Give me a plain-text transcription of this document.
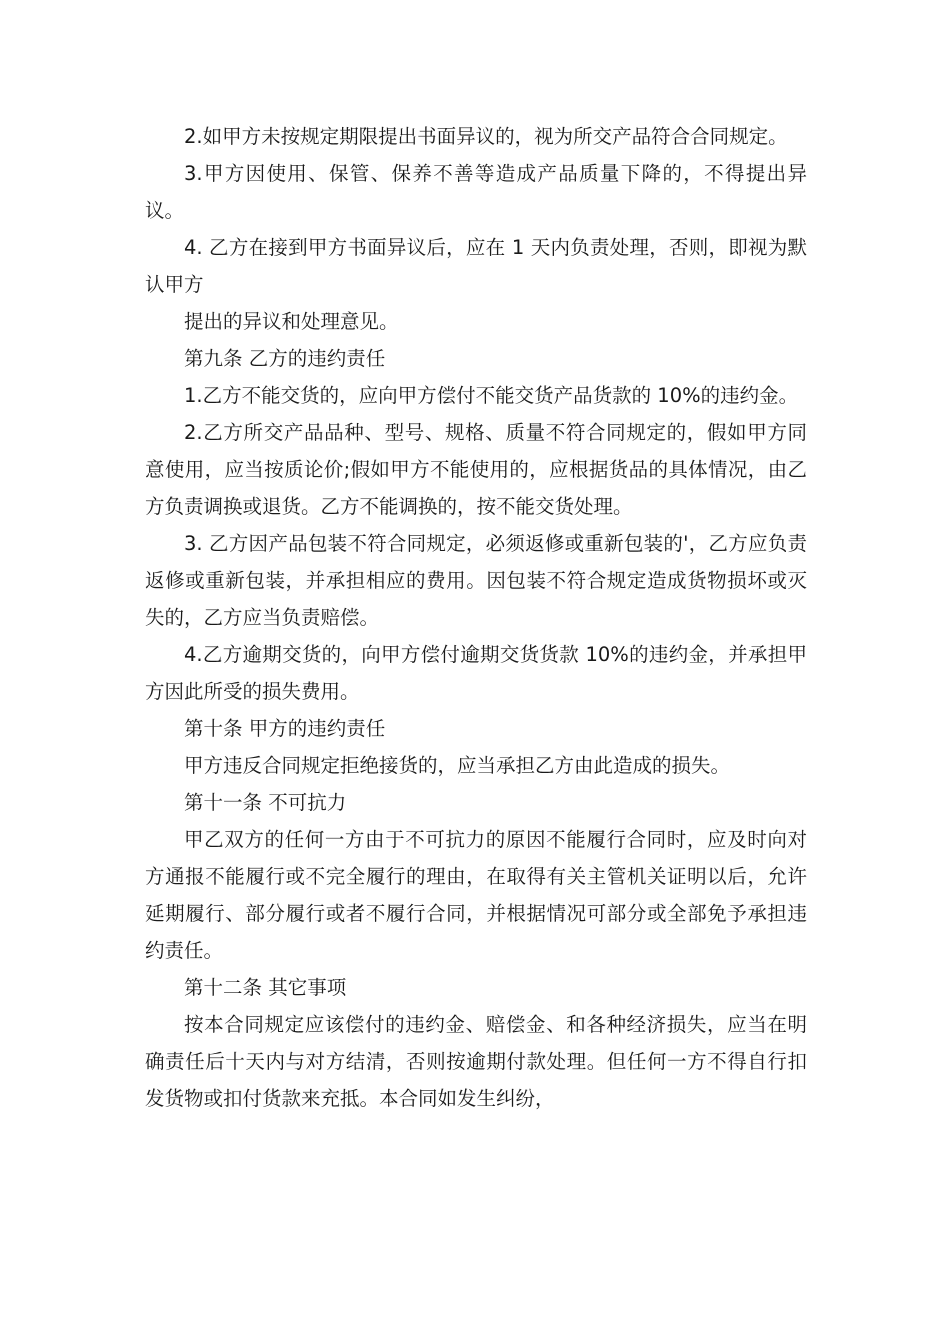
2.如甲方未按规定期限提出书面异议的，视为所交产品符合合同规定。

3.甲方因使用、保管、保养不善等造成产品质量下降的，不得提出异议。

4. 乙方在接到甲方书面异议后，应在 1 天内负责处理，否则，即视为默认甲方

提出的异议和处理意见。

第九条 乙方的违约责任

1.乙方不能交货的，应向甲方偿付不能交货产品货款的 10%的违约金。

2.乙方所交产品品种、型号、规格、质量不符合同规定的，假如甲方同意使用，应当按质论价;假如甲方不能使用的，应根据货品的具体情况，由乙方负责调换或退货。乙方不能调换的，按不能交货处理。

3. 乙方因产品包装不符合同规定，必须返修或重新包装的'，乙方应负责返修或重新包装，并承担相应的费用。因包装不符合规定造成货物损坏或灭失的，乙方应当负责赔偿。

4.乙方逾期交货的，向甲方偿付逾期交货货款 10%的违约金，并承担甲方因此所受的损失费用。

第十条 甲方的违约责任

甲方违反合同规定拒绝接货的，应当承担乙方由此造成的损失。

第十一条 不可抗力

甲乙双方的任何一方由于不可抗力的原因不能履行合同时，应及时向对方通报不能履行或不完全履行的理由，在取得有关主管机关证明以后，允许延期履行、部分履行或者不履行合同，并根据情况可部分或全部免予承担违约责任。

第十二条 其它事项

按本合同规定应该偿付的违约金、赔偿金、和各种经济损失，应当在明确责任后十天内与对方结清，否则按逾期付款处理。但任何一方不得自行扣发货物或扣付货款来充抵。本合同如发生纠纷，
